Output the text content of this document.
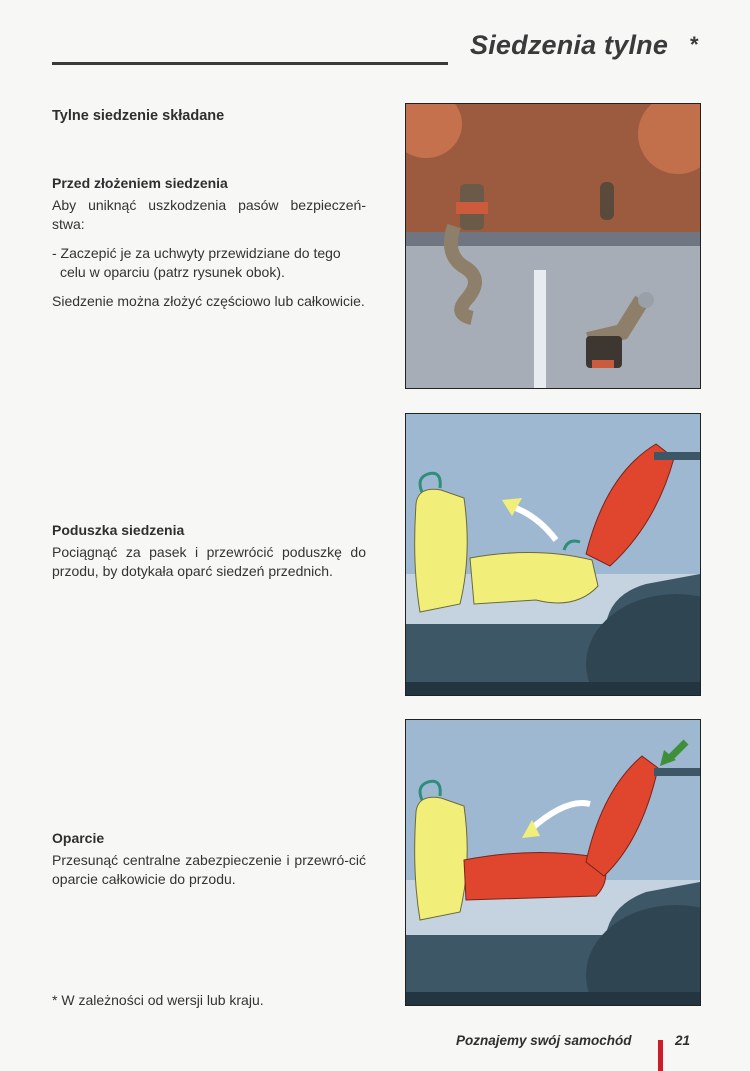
Siedzenia tylne *
Tylne siedzenie składane
Przed złożeniem siedzenia

Aby uniknąć uszkodzenia pasów bezpieczeń-stwa:

- Zaczepić je za uchwyty przewidziane do tego celu w oparciu (patrz rysunek obok).

Siedzenie można złożyć częściowo lub całkowicie.

Poduszka siedzenia

Pociągnąć za pasek i przewrócić poduszkę do przodu, by dotykała oparć siedzeń przednich.

Oparcie

Przesunąć centralne zabezpieczenie i przewró-cić oparcie całkowicie do przodu.

* W zależności od wersji lub kraju.
Poznajemy swój samochód	21
